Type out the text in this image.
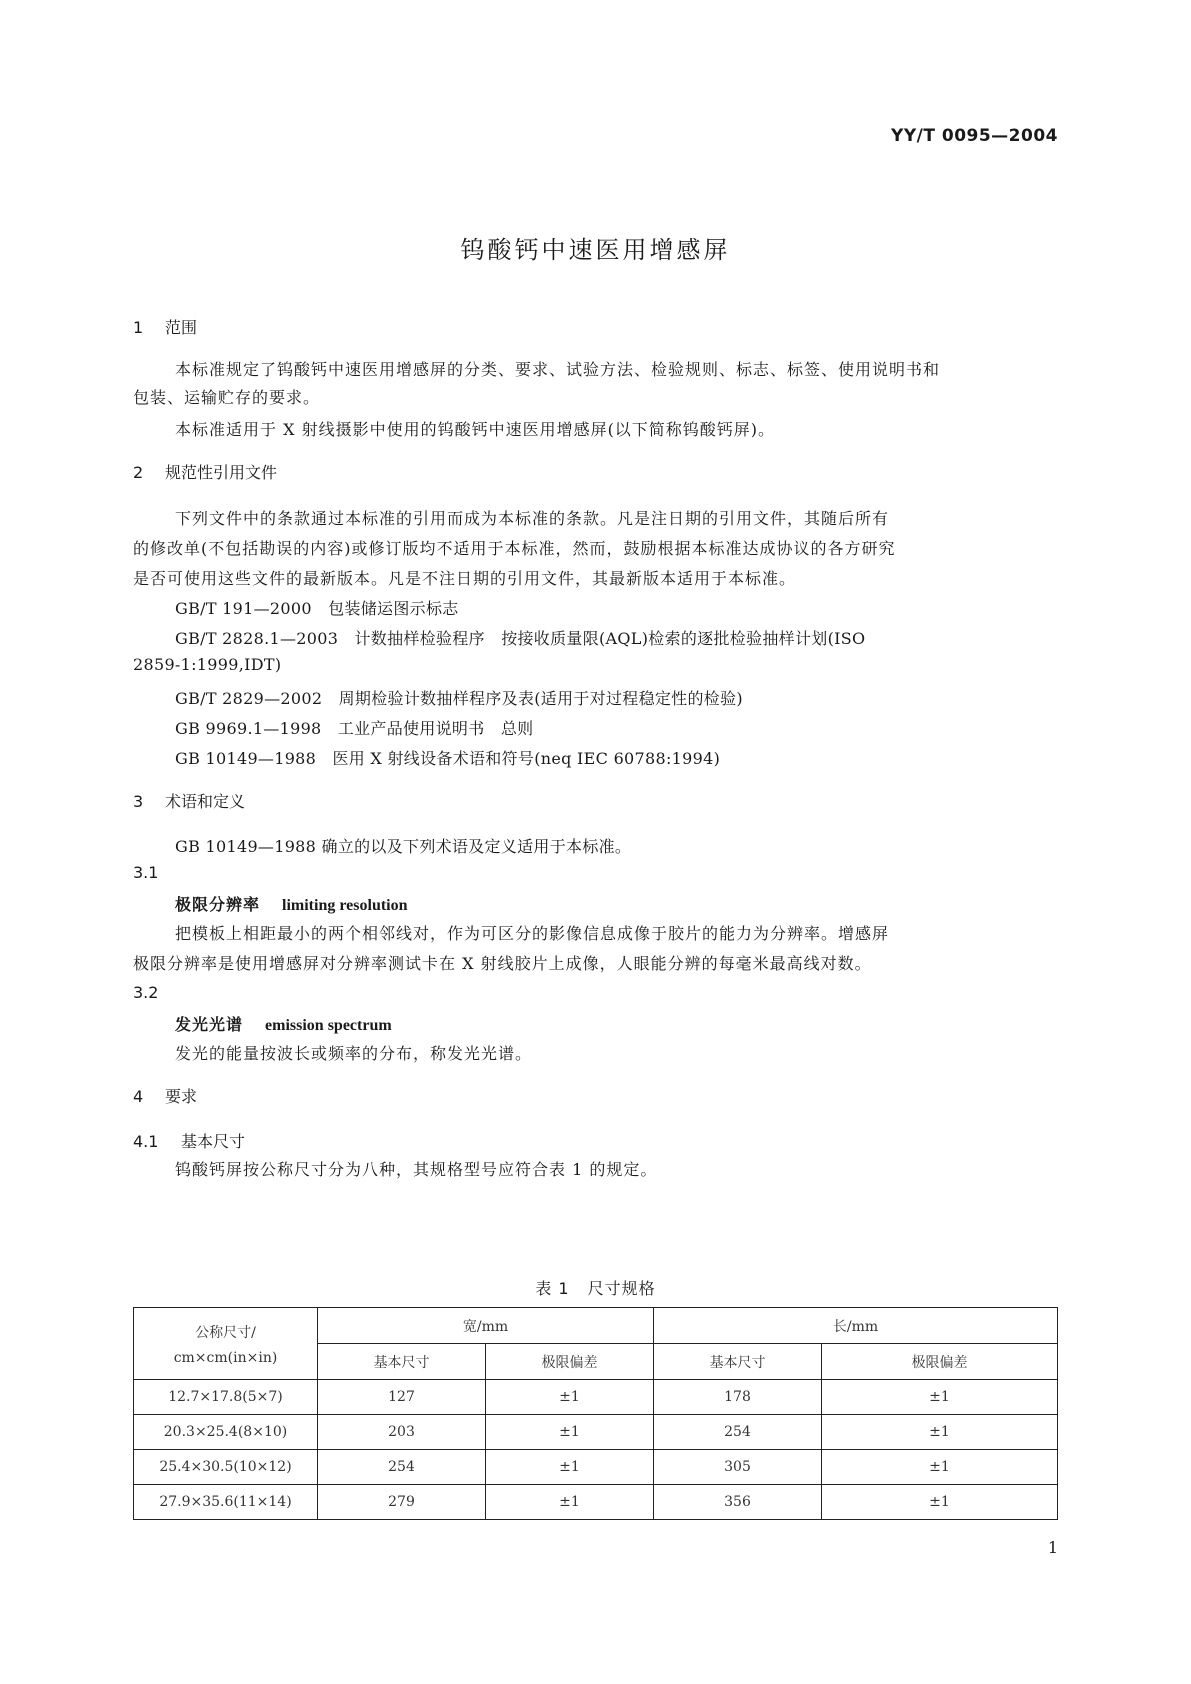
YY/T 0095—2004
钨酸钙中速医用增感屏
1 范围
本标准规定了钨酸钙中速医用增感屏的分类、要求、试验方法、检验规则、标志、标签、使用说明书和
包装、运输贮存的要求。
本标准适用于 X 射线摄影中使用的钨酸钙中速医用增感屏(以下简称钨酸钙屏)。
2 规范性引用文件
下列文件中的条款通过本标准的引用而成为本标准的条款。凡是注日期的引用文件，其随后所有
的修改单(不包括勘误的内容)或修订版均不适用于本标准，然而，鼓励根据本标准达成协议的各方研究
是否可使用这些文件的最新版本。凡是不注日期的引用文件，其最新版本适用于本标准。
GB/T 191—2000　包装储运图示标志
GB/T 2828.1—2003　计数抽样检验程序　按接收质量限(AQL)检索的逐批检验抽样计划(ISO
2859-1:1999,IDT)
GB/T 2829—2002　周期检验计数抽样程序及表(适用于对过程稳定性的检验)
GB 9969.1—1998　工业产品使用说明书　总则
GB 10149—1988　医用 X 射线设备术语和符号(neq IEC 60788:1994)
3 术语和定义
GB 10149—1988 确立的以及下列术语及定义适用于本标准。
3.1
极限分辨率 limiting resolution
把模板上相距最小的两个相邻线对，作为可区分的影像信息成像于胶片的能力为分辨率。增感屏
极限分辨率是使用增感屏对分辨率测试卡在 X 射线胶片上成像，人眼能分辨的每毫米最高线对数。
3.2
发光光谱 emission spectrum
发光的能量按波长或频率的分布，称发光光谱。
4 要求
4.1 基本尺寸
钨酸钙屏按公称尺寸分为八种，其规格型号应符合表 1 的规定。
表 1 尺寸规格
公称尺寸/
cm×cm(in×in)	宽/mm		长/mm	
	基本尺寸	极限偏差	基本尺寸	极限偏差
12.7×17.8(5×7)	127	±1	178	±1
20.3×25.4(8×10)	203	±1	254	±1
25.4×30.5(10×12)	254	±1	305	±1
27.9×35.6(11×14)	279	±1	356	±1
1
